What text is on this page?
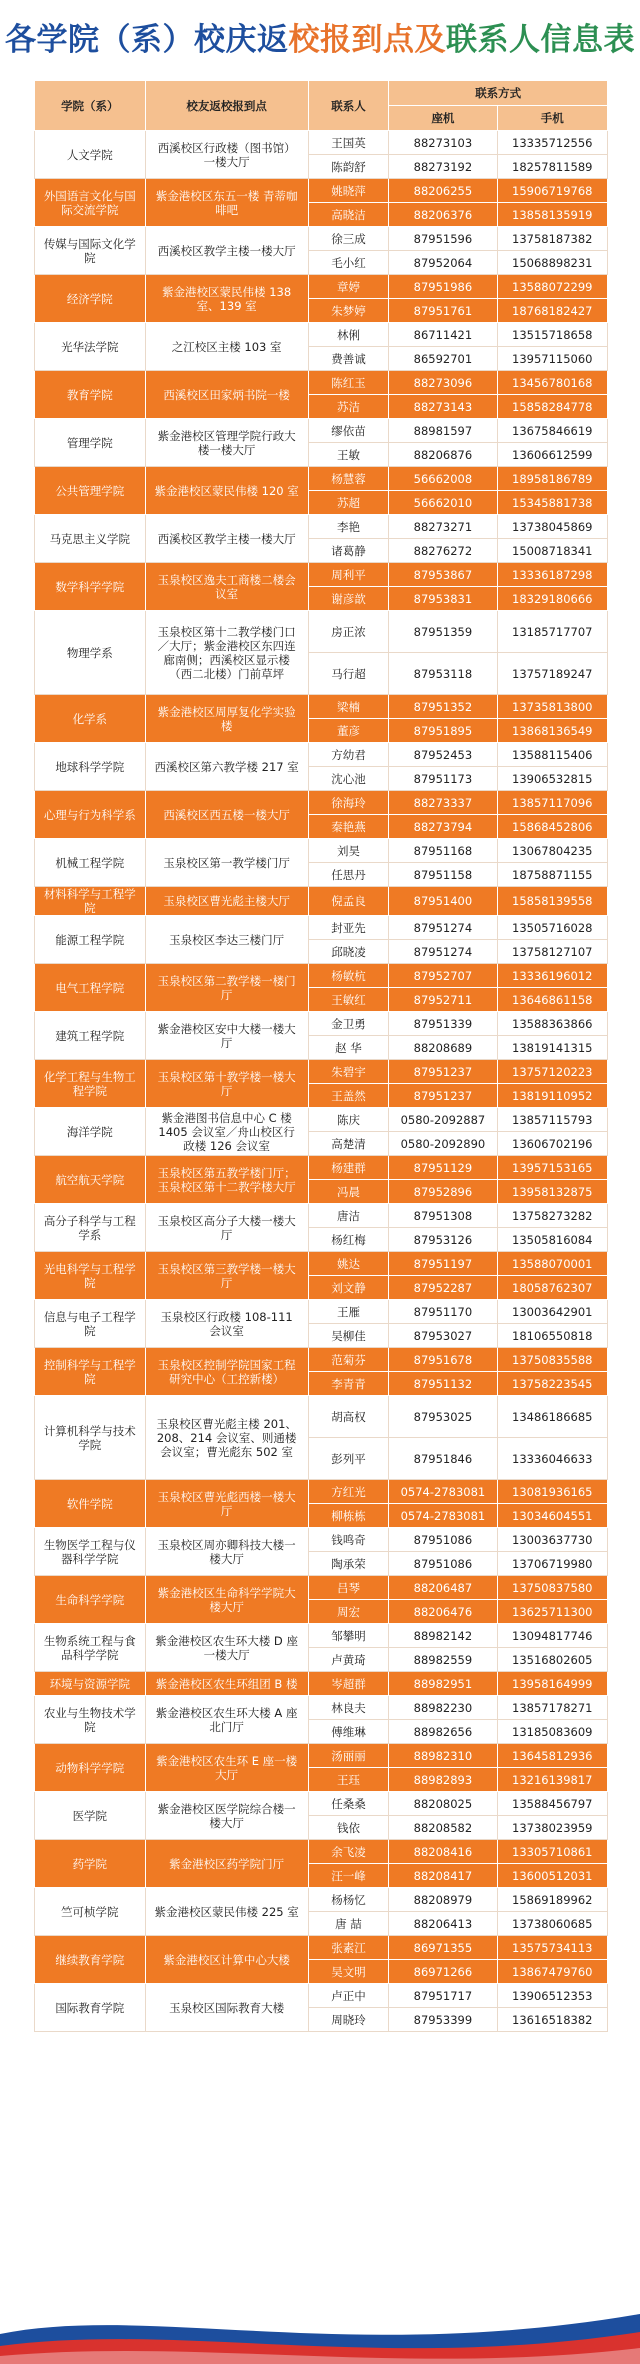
各学院（系）校庆返校报到点及联系人信息表
学院（系）	校友返校报到点	联系人	联系方式	
			座机	手机
人文学院	西溪校区行政楼（图书馆）一楼大厅	王国英	88273103	13335712556
		陈韵舒	88273192	18257811589
外国语言文化与国际交流学院	紫金港校区东五一楼 青蒂咖啡吧	姚晓萍	88206255	15906719768
		高晓洁	88206376	13858135919
传媒与国际文化学院	西溪校区教学主楼一楼大厅	徐三成	87951596	13758187382
		毛小红	87952064	15068898231
经济学院	紫金港校区蒙民伟楼 138 室、139 室	章婷	87951986	13588072299
		朱梦婷	87951761	18768182427
光华法学院	之江校区主楼 103 室	林俐	86711421	13515718658
		费善诚	86592701	13957115060
教育学院	西溪校区田家炳书院一楼	陈红玉	88273096	13456780168
		苏洁	88273143	15858284778
管理学院	紫金港校区管理学院行政大楼一楼大厅	缪依苗	88981597	13675846619
		王敏	88206876	13606612599
公共管理学院	紫金港校区蒙民伟楼 120 室	杨慧蓉	56662008	18958186789
		苏超	56662010	15345881738
马克思主义学院	西溪校区教学主楼一楼大厅	李艳	88273271	13738045869
		诸葛静	88276272	15008718341
数学科学学院	玉泉校区逸夫工商楼二楼会议室	周利平	87953867	13336187298
		谢彦歆	87953831	18329180666
物理学系	玉泉校区第十二教学楼门口／大厅；紫金港校区东四连廊南侧；西溪校区显示楼（西二北楼）门前草坪	房正浓	87951359	13185717707
		马行超	87953118	13757189247
化学系	紫金港校区周厚复化学实验楼	梁楠	87951352	13735813800
		董彦	87951895	13868136549
地球科学学院	西溪校区第六教学楼 217 室	方幼君	87952453	13588115406
		沈心池	87951173	13906532815
心理与行为科学系	西溪校区西五楼一楼大厅	徐海玲	88273337	13857117096
		秦艳燕	88273794	15868452806
机械工程学院	玉泉校区第一教学楼门厅	刘昊	87951168	13067804235
		任思丹	87951158	18758871155
材料科学与工程学院	玉泉校区曹光彪主楼大厅	倪孟良	87951400	15858139558
能源工程学院	玉泉校区李达三楼门厅	封亚先	87951274	13505716028
		邱晓凌	87951274	13758127107
电气工程学院	玉泉校区第二教学楼一楼门厅	杨敏杭	87952707	13336196012
		王敏红	87952711	13646861158
建筑工程学院	紫金港校区安中大楼一楼大厅	金卫勇	87951339	13588363866
		赵 华	88208689	13819141315
化学工程与生物工程学院	玉泉校区第十教学楼一楼大厅	朱碧宇	87951237	13757120223
		王盖然	87951237	13819110952
海洋学院	紫金港图书信息中心 C 楼 1405 会议室／舟山校区行政楼 126 会议室	陈庆	0580-2092887	13857115793
		高楚清	0580-2092890	13606702196
航空航天学院	玉泉校区第五教学楼门厅；玉泉校区第十二教学楼大厅	杨建群	87951129	13957153165
		冯晨	87952896	13958132875
高分子科学与工程学系	玉泉校区高分子大楼一楼大厅	唐洁	87951308	13758273282
		杨红梅	87953126	13505816084
光电科学与工程学院	玉泉校区第三教学楼一楼大厅	姚达	87951197	13588070001
		刘文静	87952287	18058762307
信息与电子工程学院	玉泉校区行政楼 108-111 会议室	王雁	87951170	13003642901
		吴柳佳	87953027	18106550818
控制科学与工程学院	玉泉校区控制学院国家工程研究中心（工控新楼）	范菊芬	87951678	13750835588
		李青青	87951132	13758223545
计算机科学与技术学院	玉泉校区曹光彪主楼 201、208、214 会议室、则通楼会议室；曹光彪东 502 室	胡高权	87953025	13486186685
		彭列平	87951846	13336046633
软件学院	玉泉校区曹光彪西楼一楼大厅	方红光	0574-2783081	13081936165
		柳栋栋	0574-2783081	13034604551
生物医学工程与仪器科学学院	玉泉校区周亦卿科技大楼一楼大厅	钱鸣奇	87951086	13003637730
		陶承荣	87951086	13706719980
生命科学学院	紫金港校区生命科学学院大楼大厅	吕琴	88206487	13750837580
		周宏	88206476	13625711300
生物系统工程与食品科学学院	紫金港校区农生环大楼 D 座一楼大厅	邹攀明	88982142	13094817746
		卢黄琦	88982559	13516802605
环境与资源学院	紫金港校区农生环组团 B 楼	岑超群	88982951	13958164999
农业与生物技术学院	紫金港校区农生环大楼 A 座北门厅	林良夫	88982230	13857178271
		傅维琳	88982656	13185083609
动物科学学院	紫金港校区农生环 E 座一楼大厅	汤丽丽	88982310	13645812936
		王珏	88982893	13216139817
医学院	紫金港校区医学院综合楼一楼大厅	任桑桑	88208025	13588456797
		钱依	88208582	13738023959
药学院	紫金港校区药学院门厅	余飞凌	88208416	13305710861
		汪一峰	88208417	13600512031
竺可桢学院	紫金港校区蒙民伟楼 225 室	杨杨忆	88208979	15869189962
		唐 喆	88206413	13738060685
继续教育学院	紫金港校区计算中心大楼	张素江	86971355	13575734113
		吴文明	86971266	13867479760
国际教育学院	玉泉校区国际教育大楼	卢正中	87951717	13906512353
		周晓玲	87953399	13616518382
